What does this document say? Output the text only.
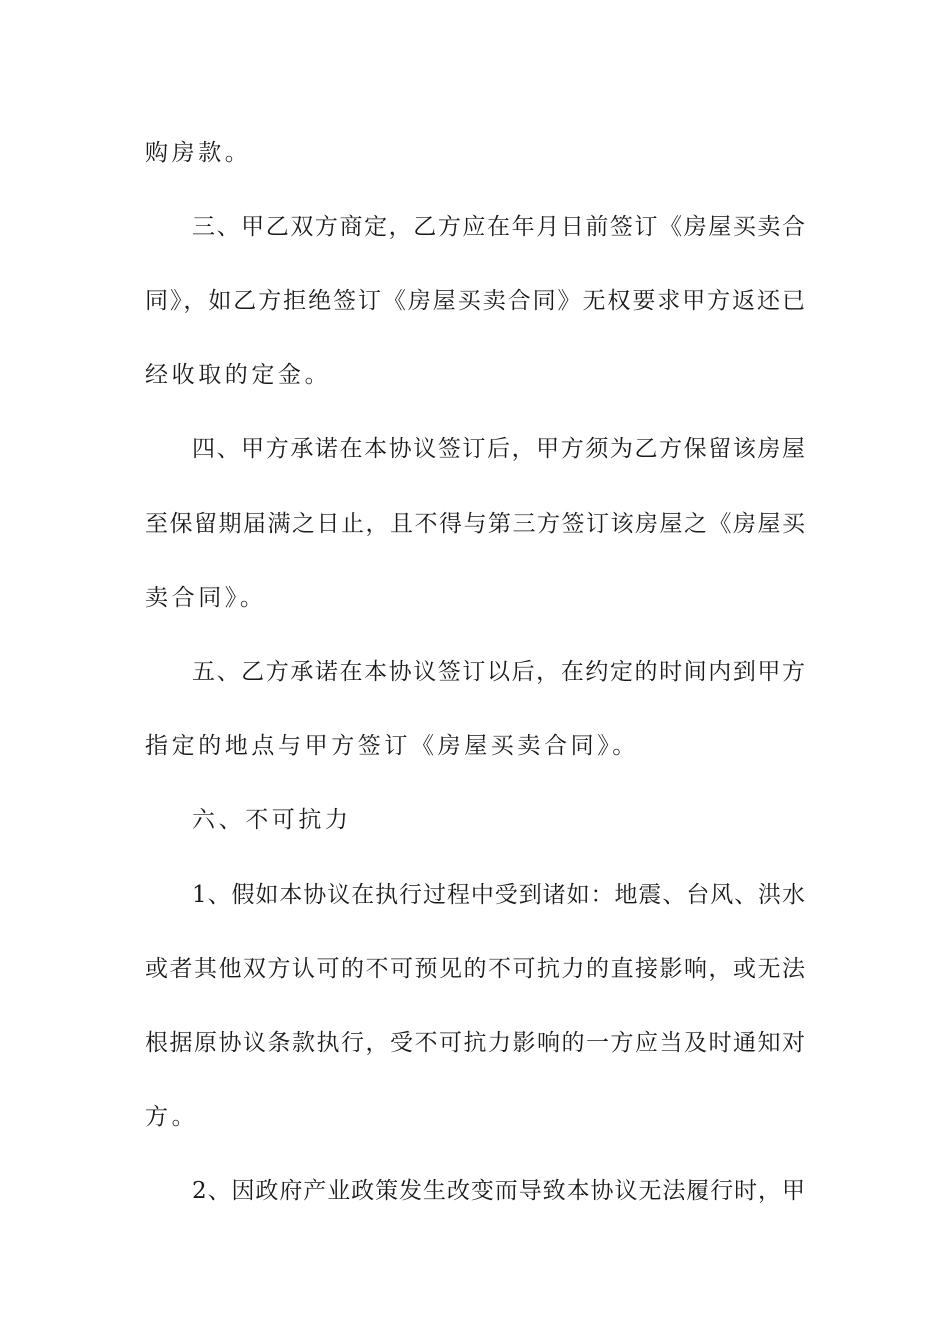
购房款。
三、甲乙双方商定，乙方应在年月日前签订《房屋买卖合
同》，如乙方拒绝签订《房屋买卖合同》无权要求甲方返还已
经收取的定金。
四、甲方承诺在本协议签订后，甲方须为乙方保留该房屋
至保留期届满之日止，且不得与第三方签订该房屋之《房屋买
卖合同》。
五、乙方承诺在本协议签订以后，在约定的时间内到甲方
指定的地点与甲方签订《房屋买卖合同》。
六、不可抗力
1、假如本协议在执行过程中受到诸如：地震、台风、洪水
或者其他双方认可的不可预见的不可抗力的直接影响，或无法
根据原协议条款执行，受不可抗力影响的一方应当及时通知对
方。
2、因政府产业政策发生改变而导致本协议无法履行时，甲
